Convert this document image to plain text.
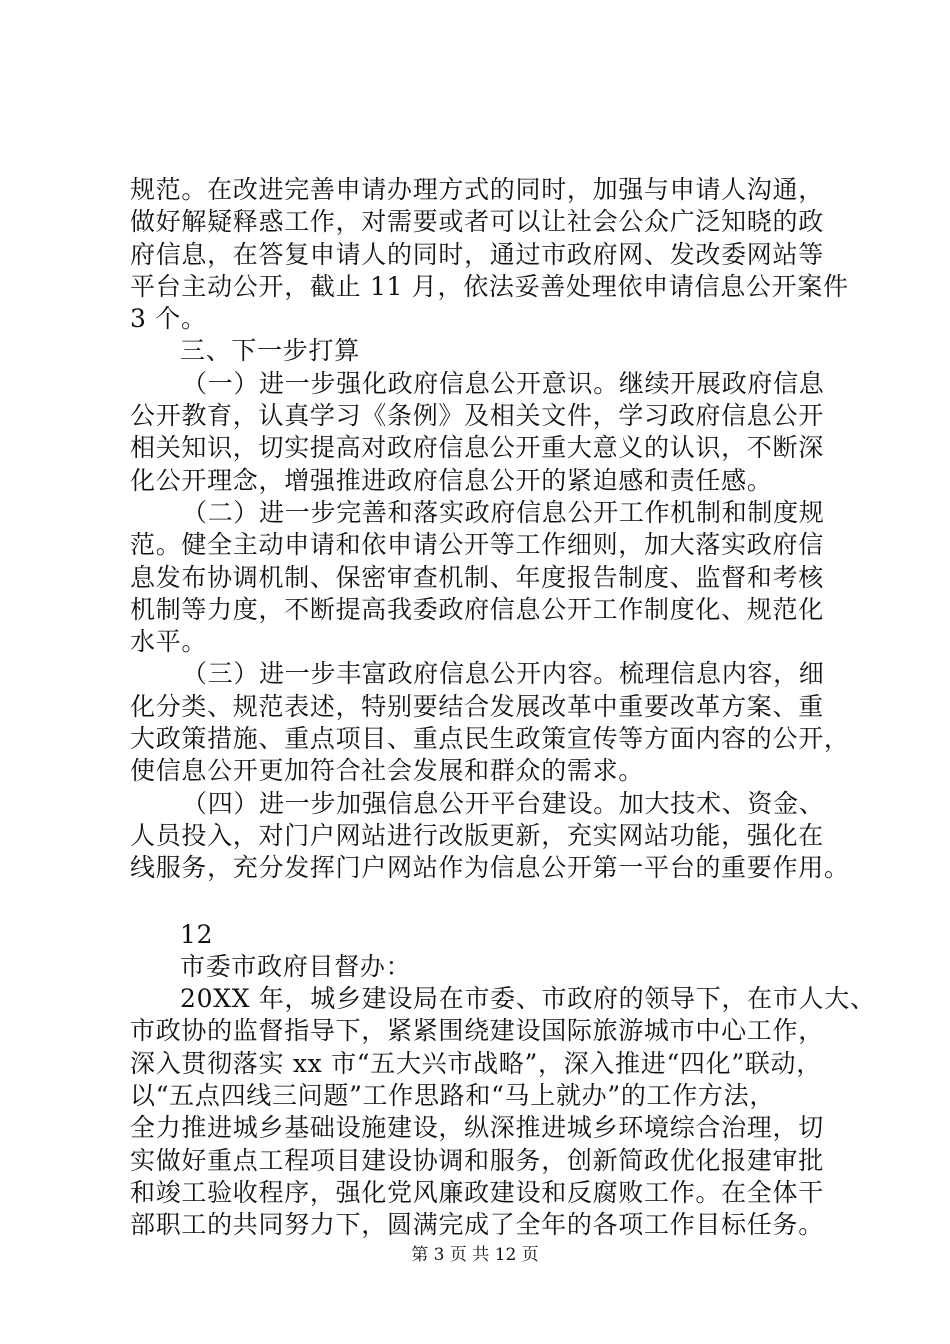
规范。在改进完善申请办理方式的同时，加强与申请人沟通，
做好解疑释惑工作，对需要或者可以让社会公众广泛知晓的政
府信息，在答复申请人的同时，通过市政府网、发改委网站等
平台主动公开，截止 11 月，依法妥善处理依申请信息公开案件
3 个。
三、下一步打算
（一）进一步强化政府信息公开意识。继续开展政府信息
公开教育，认真学习《条例》及相关文件，学习政府信息公开
相关知识，切实提高对政府信息公开重大意义的认识，不断深
化公开理念，增强推进政府信息公开的紧迫感和责任感。
（二）进一步完善和落实政府信息公开工作机制和制度规
范。健全主动申请和依申请公开等工作细则，加大落实政府信
息发布协调机制、保密审查机制、年度报告制度、监督和考核
机制等力度，不断提高我委政府信息公开工作制度化、规范化
水平。
（三）进一步丰富政府信息公开内容。梳理信息内容，细
化分类、规范表述，特别要结合发展改革中重要改革方案、重
大政策措施、重点项目、重点民生政策宣传等方面内容的公开，
使信息公开更加符合社会发展和群众的需求。
（四）进一步加强信息公开平台建设。加大技术、资金、
人员投入，对门户网站进行改版更新，充实网站功能，强化在
线服务，充分发挥门户网站作为信息公开第一平台的重要作用。
12
市委市政府目督办：
20XX 年，城乡建设局在市委、市政府的领导下，在市人大、
市政协的监督指导下，紧紧围绕建设国际旅游城市中心工作，
深入贯彻落实 xx 市“五大兴市战略”，深入推进“四化”联动，
以“五点四线三问题”工作思路和“马上就办”的工作方法，
全力推进城乡基础设施建设，纵深推进城乡环境综合治理，切
实做好重点工程项目建设协调和服务，创新简政优化报建审批
和竣工验收程序，强化党风廉政建设和反腐败工作。在全体干
部职工的共同努力下，圆满完成了全年的各项工作目标任务。
第 3 页 共 12 页
